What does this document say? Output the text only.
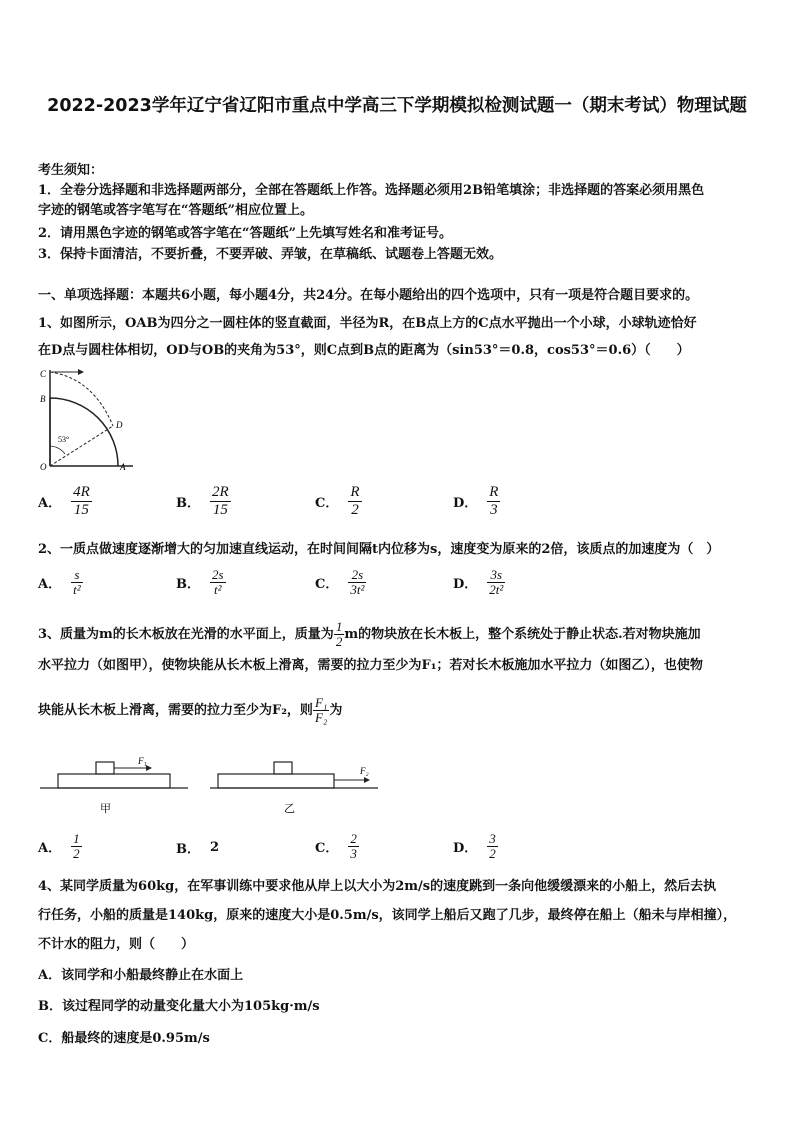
2022-2023学年辽宁省辽阳市重点中学高三下学期模拟检测试题一（期末考试）物理试题
考生须知：
1．全卷分选择题和非选择题两部分，全部在答题纸上作答。选择题必须用2B铅笔填涂；非选择题的答案必须用黑色
字迹的钢笔或答字笔写在“答题纸”相应位置上。
2．请用黑色字迹的钢笔或答字笔在“答题纸”上先填写姓名和准考证号。
3．保持卡面清洁，不要折叠，不要弄破、弄皱，在草稿纸、试题卷上答题无效。
一、单项选择题：本题共6小题，每小题4分，共24分。在每小题给出的四个选项中，只有一项是符合题目要求的。
1、如图所示，OAB为四分之一圆柱体的竖直截面，半径为R，在B点上方的C点水平抛出一个小球，小球轨迹恰好
在D点与圆柱体相切，OD与OB的夹角为53°，则C点到B点的距离为（sin53°＝0.8，cos53°＝0.6）（　　）
C
B
D
O	A
53°
A． $\frac{4R}{15}$	B． $\frac{2R}{15}$	C． $\frac{R}{2}$	D． $\frac{R}{3}$
2、一质点做速度逐渐增大的匀加速直线运动，在时间间隔t内位移为s，速度变为原来的2倍，该质点的加速度为（　）
A． $\frac{s}{\text{t²}}$	B． $\frac{2s}{\text{t²}}$	C． $\frac{2s}{\text{3t²}}$	D． $\frac{3s}{\text{2t²}}$
3、质量为m的长木板放在光滑的水平面上，质量为 $\frac{1}{2}$ m的物块放在长木板上，整个系统处于静止状态.若对物块施加
水平拉力（如图甲），使物块能从长木板上滑离，需要的拉力至少为F₁；若对长木板施加水平拉力（如图乙），也使物
块能从长木板上滑离，需要的拉力至少为F₂，则 $\frac{\text{F₁}}{\text{F₂}}$ 为
F₁
甲
F₂
乙
A． $\frac{1}{2}$	B． 2	C． $\frac{2}{3}$	D． $\frac{3}{2}$
4、某同学质量为60kg，在军事训练中要求他从岸上以大小为2m/s的速度跳到一条向他缓缓漂来的小船上，然后去执
行任务，小船的质量是140kg，原来的速度大小是0.5m/s，该同学上船后又跑了几步，最终停在船上（船未与岸相撞），
不计水的阻力，则（　　）
A．该同学和小船最终静止在水面上
B．该过程同学的动量变化量大小为105kg·m/s
C．船最终的速度是0.95m/s
